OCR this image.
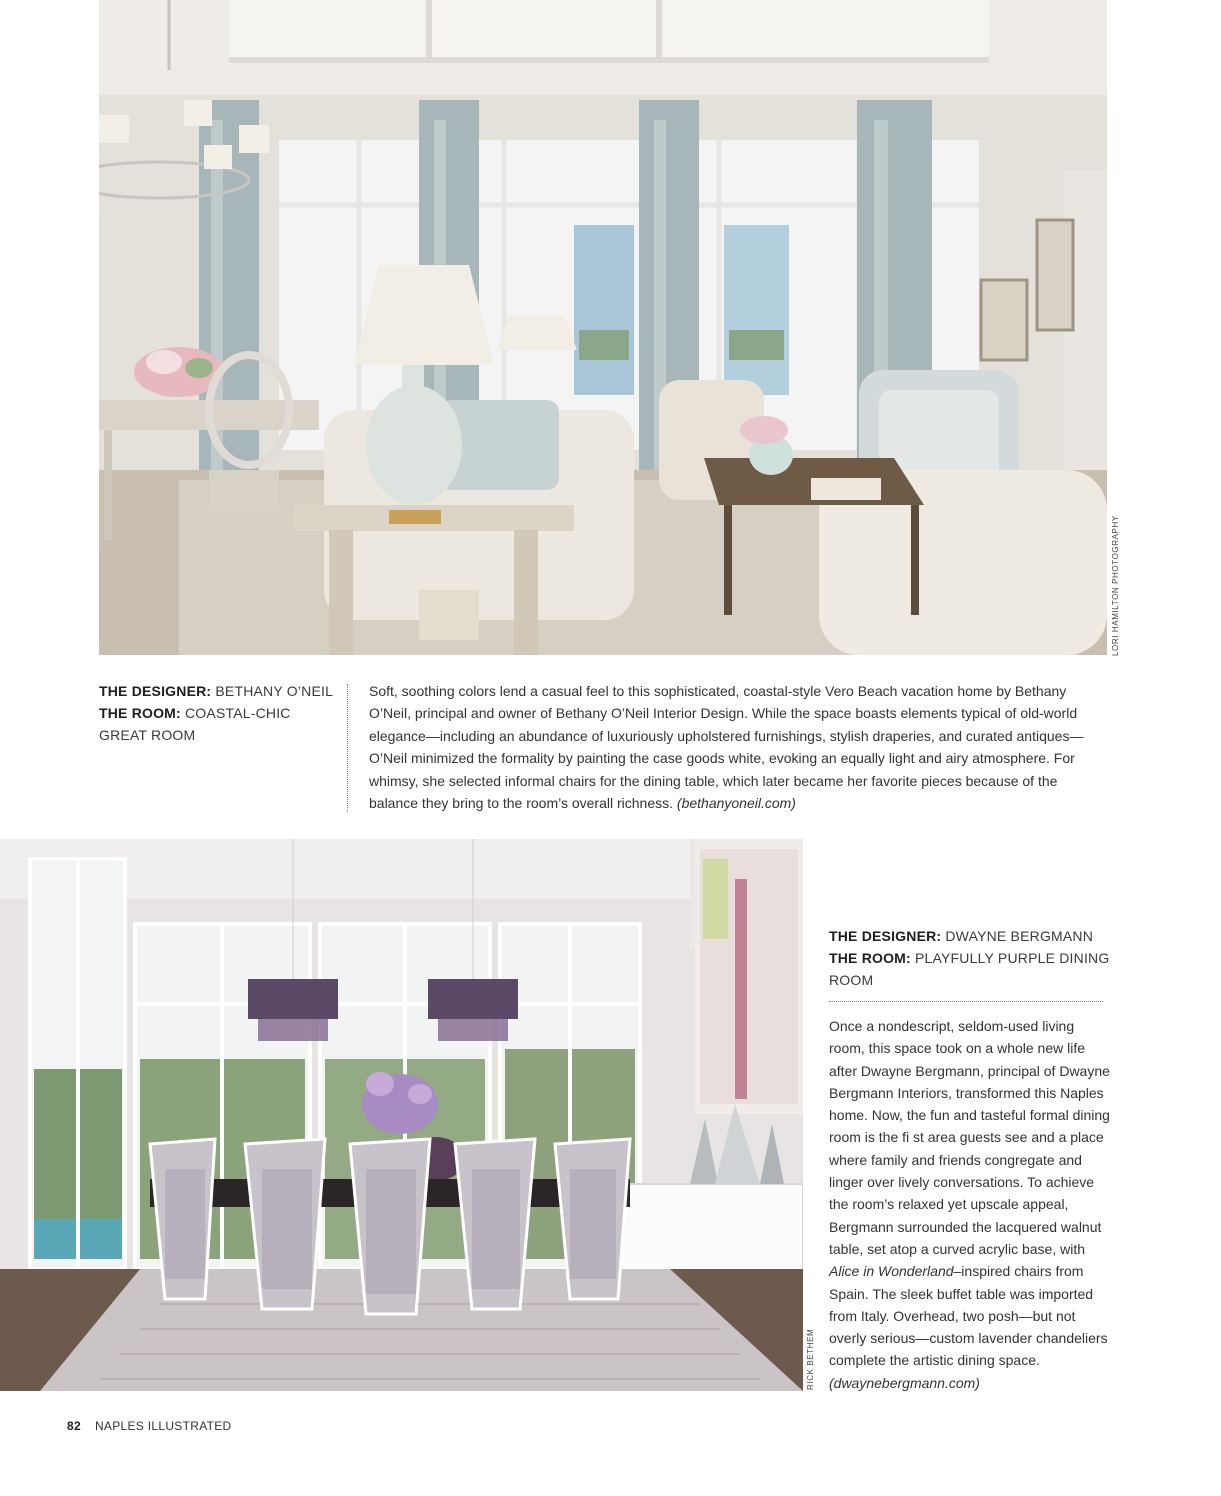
LORI HAMILTON PHOTOGRAPHY
THE DESIGNER: BETHANY O’NEIL
THE ROOM: COASTAL-CHIC GREAT ROOM
Soft, soothing colors lend a casual feel to this sophisticated, coastal-style Vero Beach vacation home by Bethany O’Neil, principal and owner of Bethany O’Neil Interior Design. While the space boasts elements typical of old-world elegance—including an abundance of luxuriously upholstered furnishings, stylish draperies, and curated antiques—O’Neil minimized the formality by painting the case goods white, evoking an equally light and airy atmosphere. For whimsy, she selected informal chairs for the dining table, which later became her favorite pieces because of the balance they bring to the room’s overall richness. (bethanyoneil.com)
RICK BETHEM
THE DESIGNER: DWAYNE BERGMANN
THE ROOM: PLAYFULLY PURPLE DINING ROOM
Once a nondescript, seldom-used living room, this space took on a whole new life after Dwayne Bergmann, principal of Dwayne Bergmann Interiors, transformed this Naples home. Now, the fun and tasteful formal dining room is the fi st area guests see and a place where family and friends congregate and linger over lively conversations. To achieve the room’s relaxed yet upscale appeal, Bergmann surrounded the lacquered walnut table, set atop a curved acrylic base, with Alice in Wonderland–inspired chairs from Spain. The sleek buffet table was imported from Italy. Overhead, two posh—but not overly serious—custom lavender chandeliers complete the artistic dining space. (dwaynebergmann.com)
82 NAPLES ILLUSTRATED
